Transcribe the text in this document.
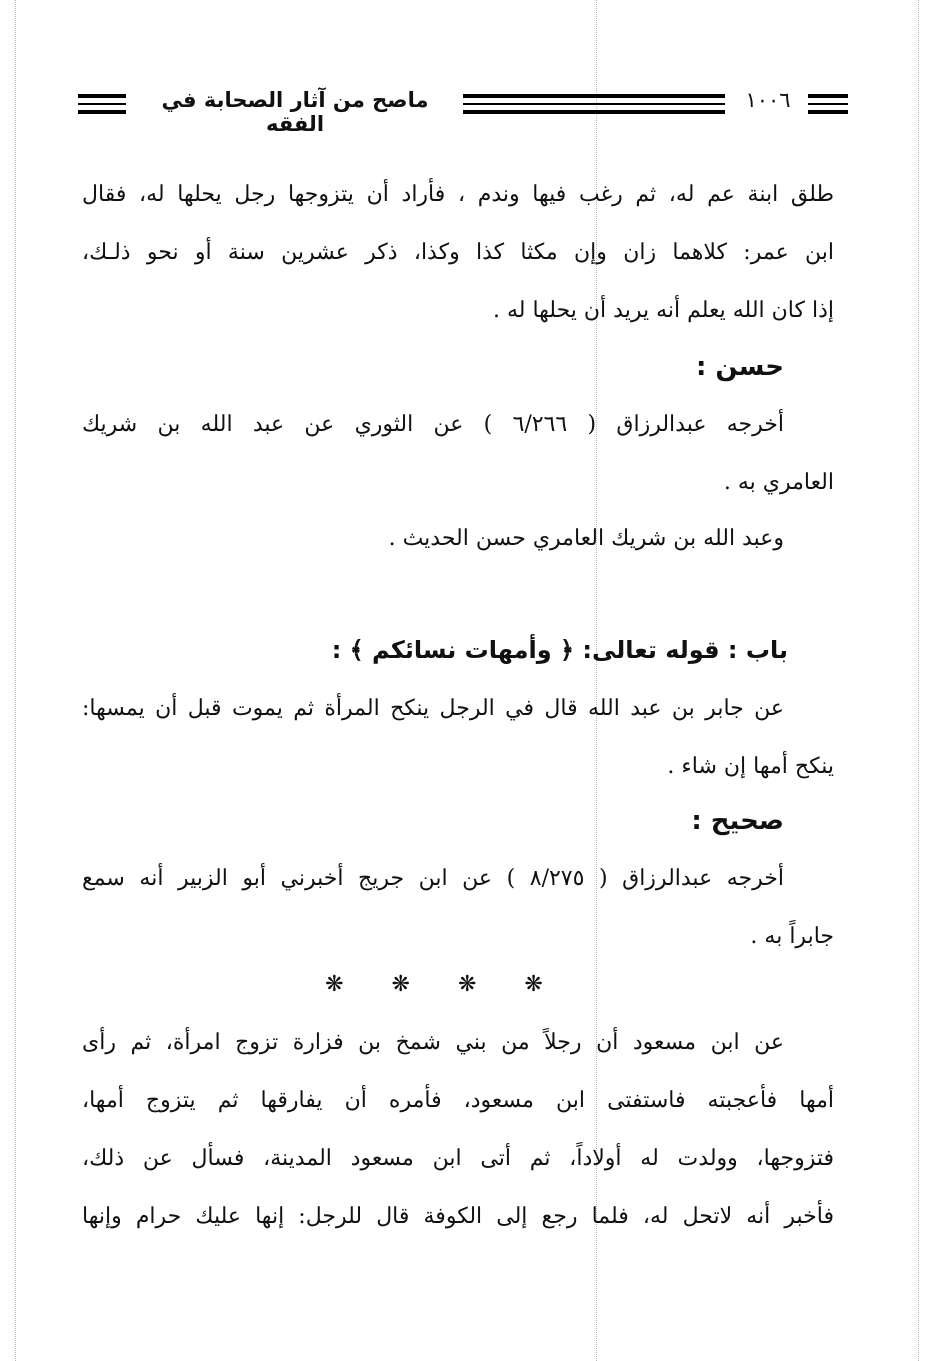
ماصح من آثار الصحابة في الفقه
١٠٠٦
طلق ابنة عم له، ثم رغب فيها وندم ، فأراد أن يتزوجها رجل يحلها له، فقال
ابن عمر: كلاهما زان وإن مكثا كذا وكذا، ذكر عشرين سنة أو نحو ذلـك،
إذا كان الله يعلم أنه يريد أن يحلها له .
حسن :
أخرجه عبدالرزاق ( ٦/٢٦٦ ) عن الثوري عن عبد الله بن شريك
العامري به .
وعبد الله بن شريك العامري حسن الحديث .
باب : قوله تعالى: ﴿ وأمهات نسائكم ﴾ :
عن جابر بن عبد الله قال في الرجل ينكح المرأة ثم يموت قبل أن يمسها:
ينكح أمها إن شاء .
صحيح :
أخرجه عبدالرزاق ( ٨/٢٧٥ ) عن ابن جريج أخبرني أبو الزبير أنه سمع
جابراً به .
❋❋❋❋
عن ابن مسعود أن رجلاً من بني شمخ بن فزارة تزوج امرأة، ثم رأى
أمها فأعجبته فاستفتى ابن مسعود، فأمره أن يفارقها ثم يتزوج أمها،
فتزوجها، وولدت له أولاداً، ثم أتى ابن مسعود المدينة، فسأل عن ذلك،
فأخبر أنه لاتحل له، فلما رجع إلى الكوفة قال للرجل: إنها عليك حرام وإنها
